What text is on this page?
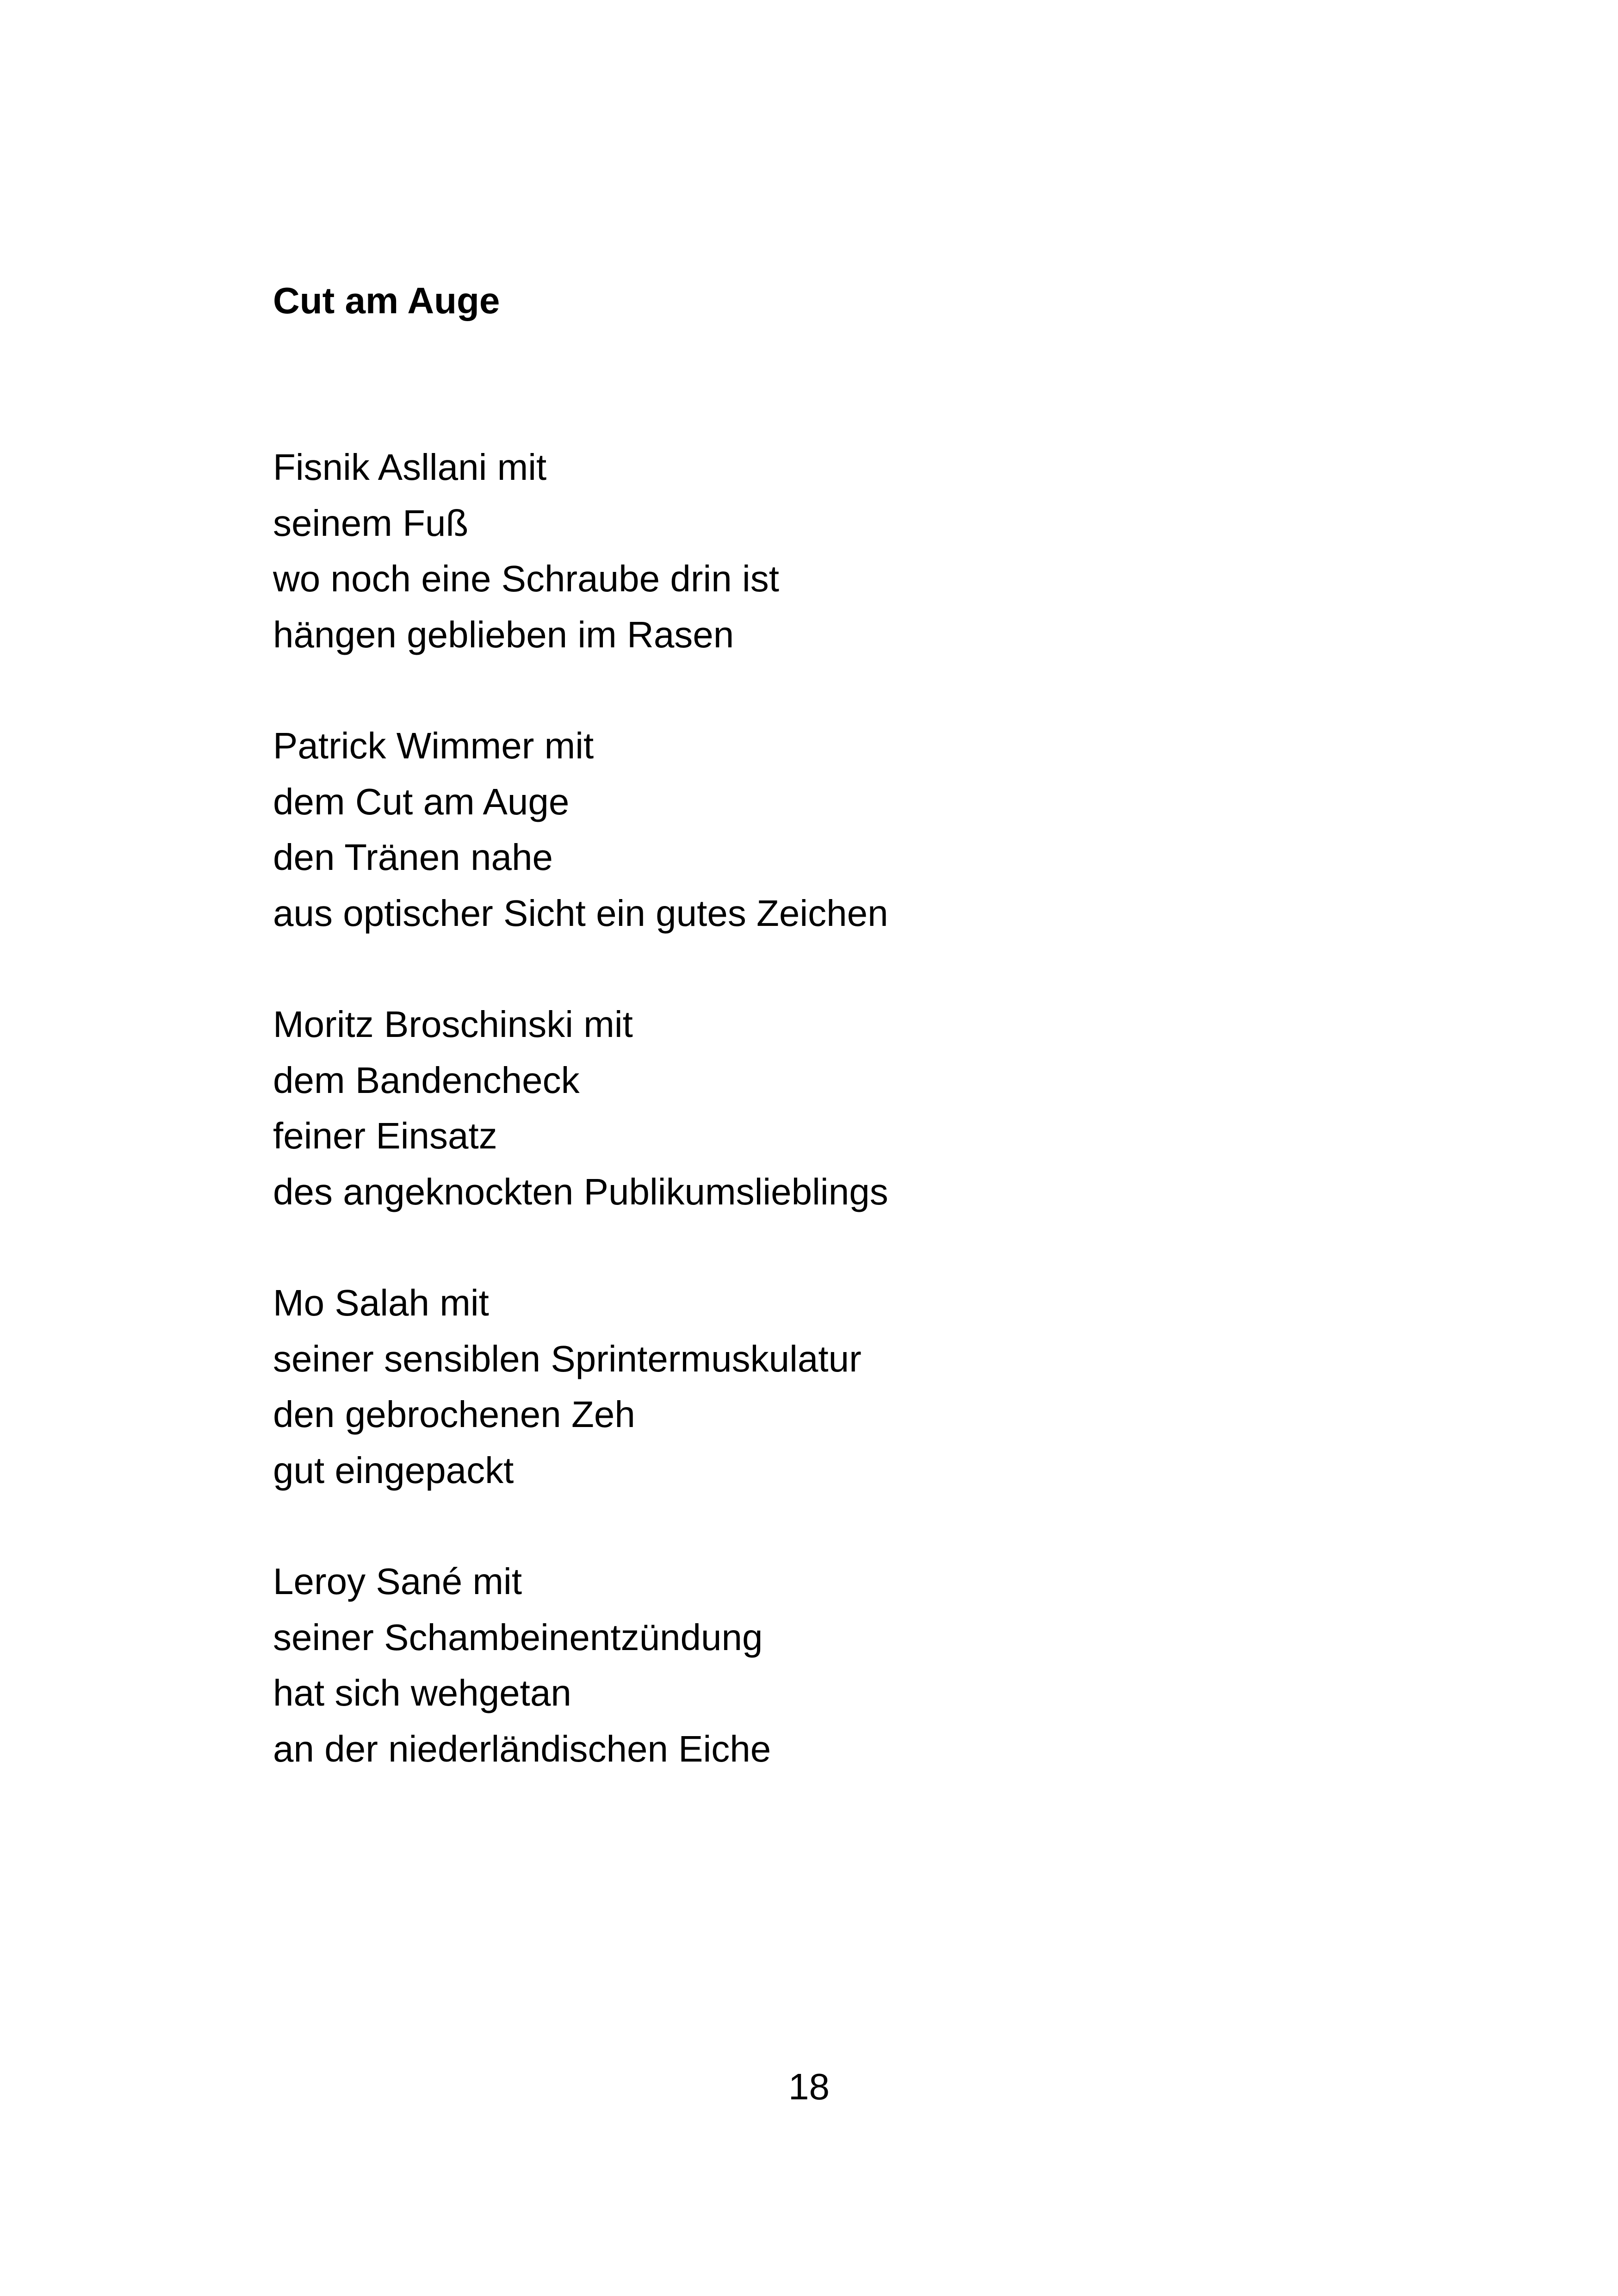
Cut am Auge
Fisnik Asllani mit
seinem Fuß
wo noch eine Schraube drin ist
hängen geblieben im Rasen
Patrick Wimmer mit
dem Cut am Auge
den Tränen nahe
aus optischer Sicht ein gutes Zeichen
Moritz Broschinski mit
dem Bandencheck
feiner Einsatz
des angeknockten Publikumslieblings
Mo Salah mit
seiner sensiblen Sprintermuskulatur
den gebrochenen Zeh
gut eingepackt
Leroy Sané mit
seiner Schambeinentzündung
hat sich wehgetan
an der niederländischen Eiche
18
